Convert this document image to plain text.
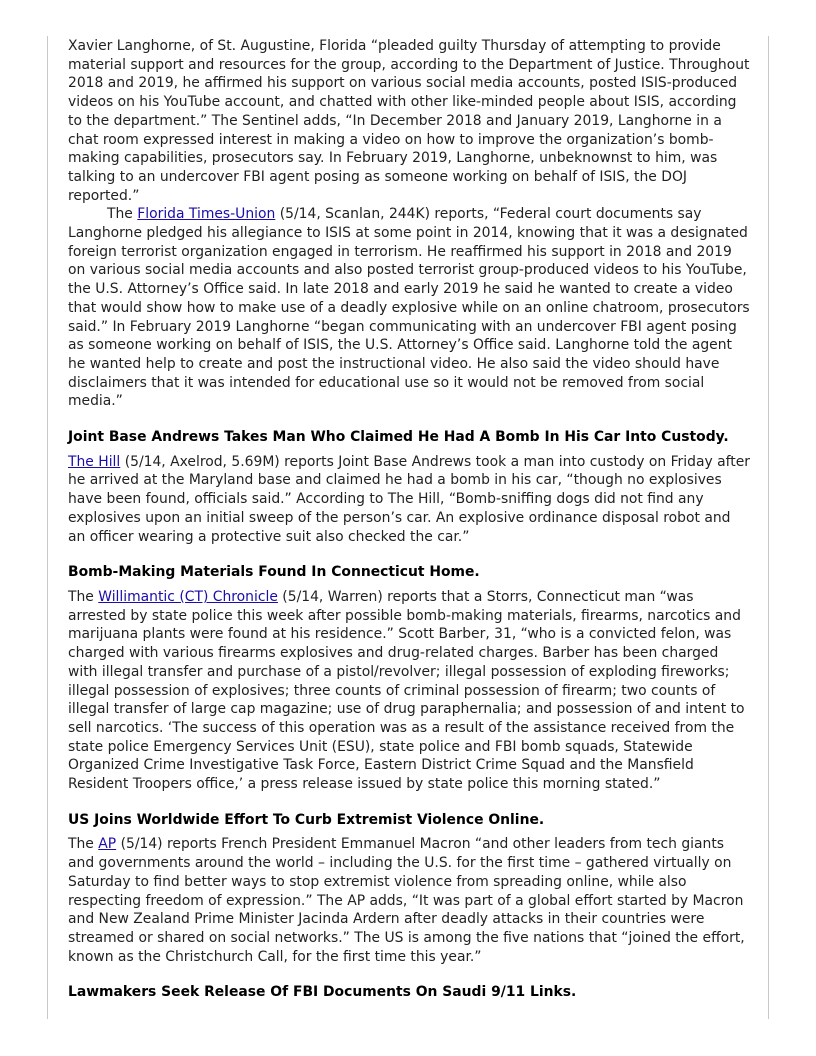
Xavier Langhorne, of St. Augustine, Florida “pleaded guilty Thursday of attempting to provide material support and resources for the group, according to the Department of Justice. Throughout 2018 and 2019, he affirmed his support on various social media accounts, posted ISIS-produced videos on his YouTube account, and chatted with other like-minded people about ISIS, according to the department.” The Sentinel adds, “In December 2018 and January 2019, Langhorne in a chat room expressed interest in making a video on how to improve the organization’s bomb-making capabilities, prosecutors say. In February 2019, Langhorne, unbeknownst to him, was talking to an undercover FBI agent posing as someone working on behalf of ISIS, the DOJ reported.”

The Florida Times-Union (5/14, Scanlan, 244K) reports, “Federal court documents say Langhorne pledged his allegiance to ISIS at some point in 2014, knowing that it was a designated foreign terrorist organization engaged in terrorism. He reaffirmed his support in 2018 and 2019 on various social media accounts and also posted terrorist group-produced videos to his YouTube, the U.S. Attorney’s Office said. In late 2018 and early 2019 he said he wanted to create a video that would show how to make use of a deadly explosive while on an online chatroom, prosecutors said.” In February 2019 Langhorne “began communicating with an undercover FBI agent posing as someone working on behalf of ISIS, the U.S. Attorney’s Office said. Langhorne told the agent he wanted help to create and post the instructional video. He also said the video should have disclaimers that it was intended for educational use so it would not be removed from social media.”

Joint Base Andrews Takes Man Who Claimed He Had A Bomb In His Car Into Custody.

The Hill (5/14, Axelrod, 5.69M) reports Joint Base Andrews took a man into custody on Friday after he arrived at the Maryland base and claimed he had a bomb in his car, “though no explosives have been found, officials said.” According to The Hill, “Bomb-sniffing dogs did not find any explosives upon an initial sweep of the person’s car. An explosive ordinance disposal robot and an officer wearing a protective suit also checked the car.”

Bomb-Making Materials Found In Connecticut Home.

The Willimantic (CT) Chronicle (5/14, Warren) reports that a Storrs, Connecticut man “was arrested by state police this week after possible bomb-making materials, firearms, narcotics and marijuana plants were found at his residence.” Scott Barber, 31, “who is a convicted felon, was charged with various firearms explosives and drug-related charges. Barber has been charged with illegal transfer and purchase of a pistol/revolver; illegal possession of exploding fireworks; illegal possession of explosives; three counts of criminal possession of firearm; two counts of illegal transfer of large cap magazine; use of drug paraphernalia; and possession of and intent to sell narcotics. ‘The success of this operation was as a result of the assistance received from the state police Emergency Services Unit (ESU), state police and FBI bomb squads, Statewide Organized Crime Investigative Task Force, Eastern District Crime Squad and the Mansfield Resident Troopers office,’ a press release issued by state police this morning stated.”

US Joins Worldwide Effort To Curb Extremist Violence Online.

The AP (5/14) reports French President Emmanuel Macron “and other leaders from tech giants and governments around the world – including the U.S. for the first time – gathered virtually on Saturday to find better ways to stop extremist violence from spreading online, while also respecting freedom of expression.” The AP adds, “It was part of a global effort started by Macron and New Zealand Prime Minister Jacinda Ardern after deadly attacks in their countries were streamed or shared on social networks.” The US is among the five nations that “joined the effort, known as the Christchurch Call, for the first time this year.”

Lawmakers Seek Release Of FBI Documents On Saudi 9/11 Links.
